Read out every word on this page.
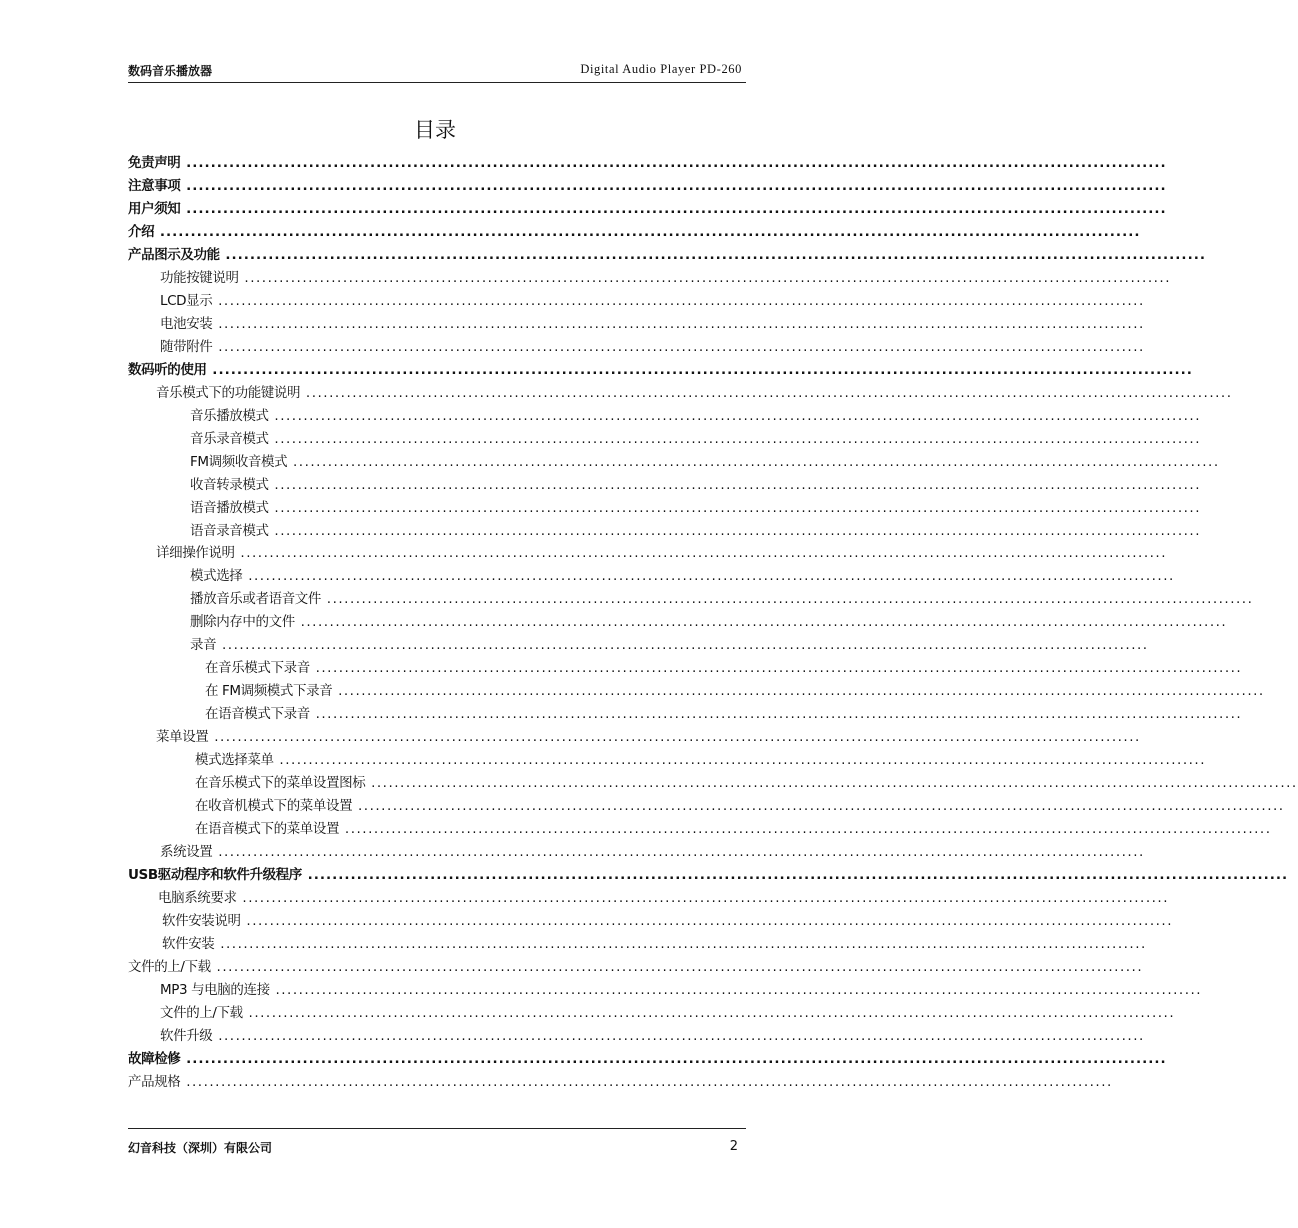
数码音乐播放器	Digital Audio Player PD-260
目录
免责声明 ................................................................................................................................................................
注意事项 ................................................................................................................................................................
用户须知 ................................................................................................................................................................
介绍 ................................................................................................................................................................
产品图示及功能 ................................................................................................................................................................
功能按键说明 ................................................................................................................................................................
LCD显示 ................................................................................................................................................................
电池安装 ................................................................................................................................................................
随带附件 ................................................................................................................................................................
数码听的使用 ................................................................................................................................................................
音乐模式下的功能键说明 ................................................................................................................................................................
音乐播放模式 ................................................................................................................................................................
音乐录音模式 ................................................................................................................................................................
FM调频收音模式 ................................................................................................................................................................
收音转录模式 ................................................................................................................................................................
语音播放模式 ................................................................................................................................................................
语音录音模式 ................................................................................................................................................................
详细操作说明 ................................................................................................................................................................
模式选择 ................................................................................................................................................................
播放音乐或者语音文件 ................................................................................................................................................................
删除内存中的文件 ................................................................................................................................................................
录音 ................................................................................................................................................................
在音乐模式下录音 ................................................................................................................................................................
在 FM调频模式下录音 ................................................................................................................................................................
在语音模式下录音 ................................................................................................................................................................
菜单设置 ................................................................................................................................................................
模式选择菜单 ................................................................................................................................................................
在音乐模式下的菜单设置图标 ................................................................................................................................................................
在收音机模式下的菜单设置 ................................................................................................................................................................
在语音模式下的菜单设置 ................................................................................................................................................................
系统设置 ................................................................................................................................................................
USB驱动程序和软件升级程序 ................................................................................................................................................................
电脑系统要求 ................................................................................................................................................................
软件安装说明 ................................................................................................................................................................
软件安装 ................................................................................................................................................................
文件的上/下载 ................................................................................................................................................................
MP3 与电脑的连接 ................................................................................................................................................................
文件的上/下载 ................................................................................................................................................................
软件升级 ................................................................................................................................................................
故障检修 ................................................................................................................................................................
产品规格 ................................................................................................................................................................
幻音科技（深圳）有限公司	2
